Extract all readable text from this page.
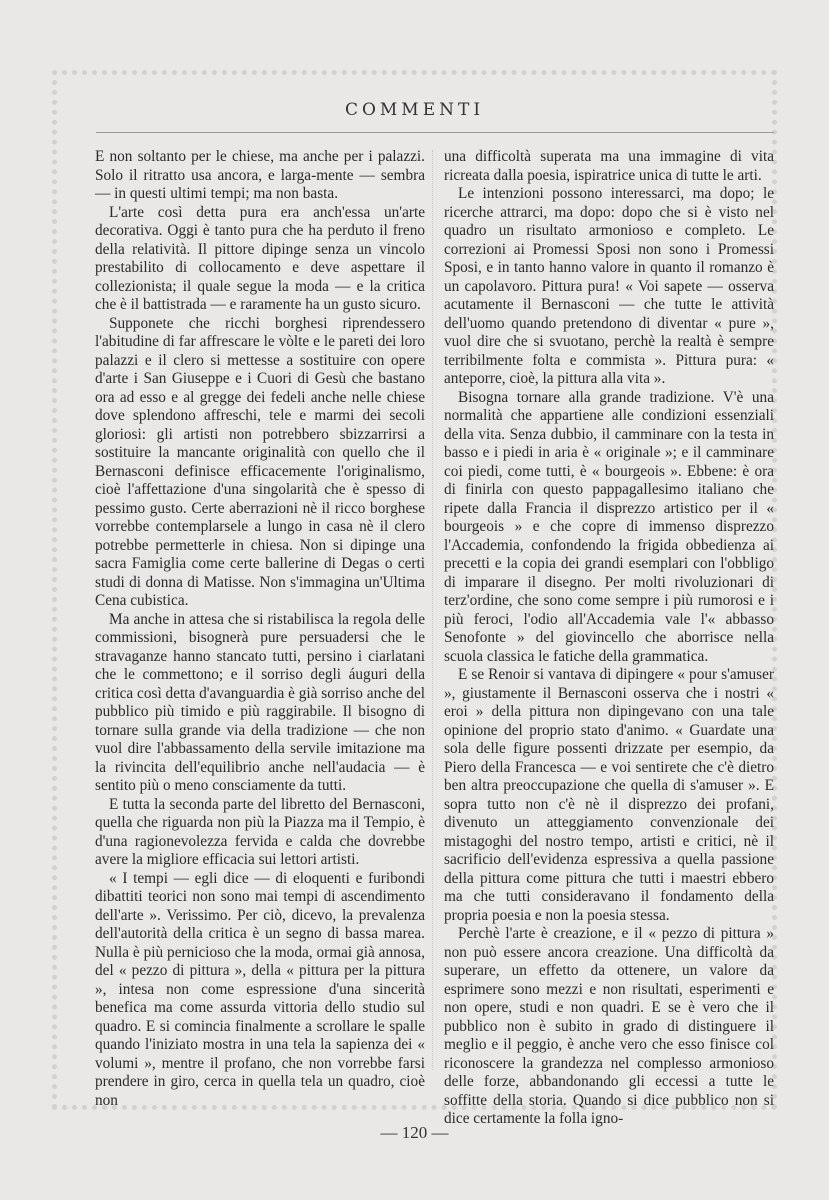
COMMENTI

E non soltanto per le chiese, ma anche per i palazzi. Solo il ritratto usa ancora, e larga-mente — sembra — in questi ultimi tempi; ma non basta.

L'arte così detta pura era anch'essa un'arte decorativa. Oggi è tanto pura che ha perduto il freno della relatività. Il pittore dipinge senza un vincolo prestabilito di collocamento e deve aspettare il collezionista; il quale segue la moda — e la critica che è il battistrada — e raramente ha un gusto sicuro.

Supponete che ricchi borghesi riprendessero l'abitudine di far affrescare le vòlte e le pareti dei loro palazzi e il clero si mettesse a sostituire con opere d'arte i San Giuseppe e i Cuori di Gesù che bastano ora ad esso e al gregge dei fedeli anche nelle chiese dove splendono affreschi, tele e marmi dei secoli gloriosi: gli artisti non potrebbero sbizzarrirsi a sostituire la mancante originalità con quello che il Bernasconi definisce efficacemente l'originalismo, cioè l'affettazione d'una singolarità che è spesso di pessimo gusto. Certe aberrazioni nè il ricco borghese vorrebbe contemplarsele a lungo in casa nè il clero potrebbe permetterle in chiesa. Non si dipinge una sacra Famiglia come certe ballerine di Degas o certi studi di donna di Matisse. Non s'immagina un'Ultima Cena cubistica.

Ma anche in attesa che si ristabilisca la regola delle commissioni, bisognerà pure persuadersi che le stravaganze hanno stancato tutti, persino i ciarlatani che le commettono; e il sorriso degli áuguri della critica così detta d'avanguardia è già sorriso anche del pubblico più timido e più raggirabile. Il bisogno di tornare sulla grande via della tradizione — che non vuol dire l'abbassamento della servile imitazione ma la rivincita dell'equilibrio anche nell'audacia — è sentito più o meno consciamente da tutti.

E tutta la seconda parte del libretto del Bernasconi, quella che riguarda non più la Piazza ma il Tempio, è d'una ragionevolezza fervida e calda che dovrebbe avere la migliore efficacia sui lettori artisti.

« I tempi — egli dice — di eloquenti e furibondi dibattiti teorici non sono mai tempi di ascendimento dell'arte ». Verissimo. Per ciò, dicevo, la prevalenza dell'autorità della critica è un segno di bassa marea. Nulla è più pernicioso che la moda, ormai già annosa, del « pezzo di pittura », della « pittura per la pittura », intesa non come espressione d'una sincerità benefica ma come assurda vittoria dello studio sul quadro. E si comincia finalmente a scrollare le spalle quando l'iniziato mostra in una tela la sapienza dei « volumi », mentre il profano, che non vorrebbe farsi prendere in giro, cerca in quella tela un quadro, cioè non

una difficoltà superata ma una immagine di vita ricreata dalla poesia, ispiratrice unica di tutte le arti.

Le intenzioni possono interessarci, ma dopo; le ricerche attrarci, ma dopo: dopo che si è visto nel quadro un risultato armonioso e completo. Le correzioni ai Promessi Sposi non sono i Promessi Sposi, e in tanto hanno valore in quanto il romanzo è un capolavoro. Pittura pura! « Voi sapete — osserva acutamente il Bernasconi — che tutte le attività dell'uomo quando pretendono di diventar « pure », vuol dire che si svuotano, perchè la realtà è sempre terribilmente folta e commista ». Pittura pura: « anteporre, cioè, la pittura alla vita ».

Bisogna tornare alla grande tradizione. V'è una normalità che appartiene alle condizioni essenziali della vita. Senza dubbio, il camminare con la testa in basso e i piedi in aria è « originale »; e il camminare coi piedi, come tutti, è « bourgeois ». Ebbene: è ora di finirla con questo pappagallesimo italiano che ripete dalla Francia il disprezzo artistico per il « bourgeois » e che copre di immenso disprezzo l'Accademia, confondendo la frigida obbedienza ai precetti e la copia dei grandi esemplari con l'obbligo di imparare il disegno. Per molti rivoluzionari di terz'ordine, che sono come sempre i più rumorosi e i più feroci, l'odio all'Accademia vale l'« abbasso Senofonte » del giovincello che aborrisce nella scuola classica le fatiche della grammatica.

E se Renoir si vantava di dipingere « pour s'amuser », giustamente il Bernasconi osserva che i nostri « eroi » della pittura non dipingevano con una tale opinione del proprio stato d'animo. « Guardate una sola delle figure possenti drizzate per esempio, da Piero della Francesca — e voi sentirete che c'è dietro ben altra preoccupazione che quella di s'amuser ». E sopra tutto non c'è nè il disprezzo dei profani, divenuto un atteggiamento convenzionale dei mistagoghi del nostro tempo, artisti e critici, nè il sacrificio dell'evidenza espressiva a quella passione della pittura come pittura che tutti i maestri ebbero ma che tutti consideravano il fondamento della propria poesia e non la poesia stessa.

Perchè l'arte è creazione, e il « pezzo di pittura » non può essere ancora creazione. Una difficoltà da superare, un effetto da ottenere, un valore da esprimere sono mezzi e non risultati, esperimenti e non opere, studi e non quadri. E se è vero che il pubblico non è subito in grado di distinguere il meglio e il peggio, è anche vero che esso finisce col riconoscere la grandezza nel complesso armonioso delle forze, abbandonando gli eccessi a tutte le soffitte della storia. Quando si dice pubblico non si dice certamente la folla igno-

— 120 —
